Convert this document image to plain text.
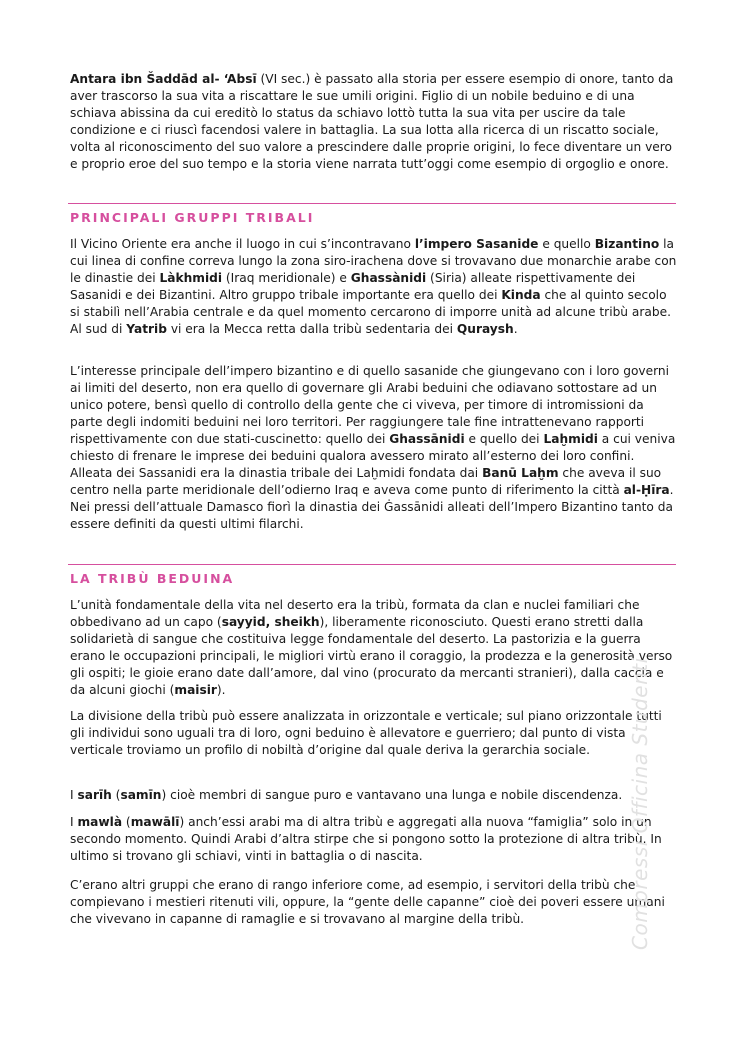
Antara ibn Šaddād al- ‘Absī (VI sec.) è passato alla storia per essere esempio di onore, tanto da aver trascorso la sua vita a riscattare le sue umili origini. Figlio di un nobile beduino e di una schiava abissina da cui ereditò lo status da schiavo lottò tutta la sua vita per uscire da tale condizione e ci riuscì facendosi valere in battaglia. La sua lotta alla ricerca di un riscatto sociale, volta al riconoscimento del suo valore a prescindere dalle proprie origini, lo fece diventare un vero e proprio eroe del suo tempo e la storia viene narrata tutt’oggi come esempio di orgoglio e onore.

PRINCIPALI GRUPPI TRIBALI

Il Vicino Oriente era anche il luogo in cui s’incontravano l’impero Sasanide e quello Bizantino la cui linea di confine correva lungo la zona siro-irachena dove si trovavano due monarchie arabe con le dinastie dei Làkhmidi (Iraq meridionale) e Ghassànidi (Siria) alleate rispettivamente dei Sasanidi e dei Bizantini. Altro gruppo tribale importante era quello dei Kinda che al quinto secolo si stabilì nell’Arabia centrale e da quel momento cercarono di imporre unità ad alcune tribù arabe. Al sud di Yatrib vi era la Mecca retta dalla tribù sedentaria dei Quraysh.

L’interesse principale dell’impero bizantino e di quello sasanide che giungevano con i loro governi ai limiti del deserto, non era quello di governare gli Arabi beduini che odiavano sottostare ad un unico potere, bensì quello di controllo della gente che ci viveva, per timore di intromissioni da parte degli indomiti beduini nei loro territori. Per raggiungere tale fine intrattenevano rapporti rispettivamente con due stati-cuscinetto: quello dei Ghassānidi e quello dei Laḫmidi a cui veniva chiesto di frenare le imprese dei beduini qualora avessero mirato all’esterno dei loro confini. Alleata dei Sassanidi era la dinastia tribale dei Laḫmidi fondata dai Banū Laḫm che aveva il suo centro nella parte meridionale dell’odierno Iraq e aveva come punto di riferimento la città al-Ḥīra. Nei pressi dell’attuale Damasco fiorì la dinastia dei Ġassānidi alleati dell’Impero Bizantino tanto da essere definiti da questi ultimi filarchi.

LA TRIBÙ BEDUINA

L’unità fondamentale della vita nel deserto era la tribù, formata da clan e nuclei familiari che obbedivano ad un capo (sayyid, sheikh), liberamente riconosciuto. Questi erano stretti dalla solidarietà di sangue che costituiva legge fondamentale del deserto. La pastorizia e la guerra erano le occupazioni principali, le migliori virtù erano il coraggio, la prodezza e la generosità verso gli ospiti; le gioie erano date dall’amore, dal vino (procurato da mercanti stranieri), dalla caccia e da alcuni giochi (maisir).

La divisione della tribù può essere analizzata in orizzontale e verticale; sul piano orizzontale tutti gli individui sono uguali tra di loro, ogni beduino è allevatore e guerriero; dal punto di vista verticale troviamo un profilo di nobiltà d’origine dal quale deriva la gerarchia sociale.

I sarīh (samīn) cioè membri di sangue puro e vantavano una lunga e nobile discendenza.

I mawlà (mawālī) anch’essi arabi ma di altra tribù e aggregati alla nuova “famiglia” solo in un secondo momento. Quindi Arabi d’altra stirpe che si pongono sotto la protezione di altra tribù. In ultimo si trovano gli schiavi, vinti in battaglia o di nascita.

C’erano altri gruppi che erano di rango inferiore come, ad esempio, i servitori della tribù che compievano i mestieri ritenuti vili, oppure, la “gente delle capanne” cioè dei poveri essere umani che vivevano in capanne di ramaglie e si trovavano al margine della tribù.	Compressi Officina Studenti
